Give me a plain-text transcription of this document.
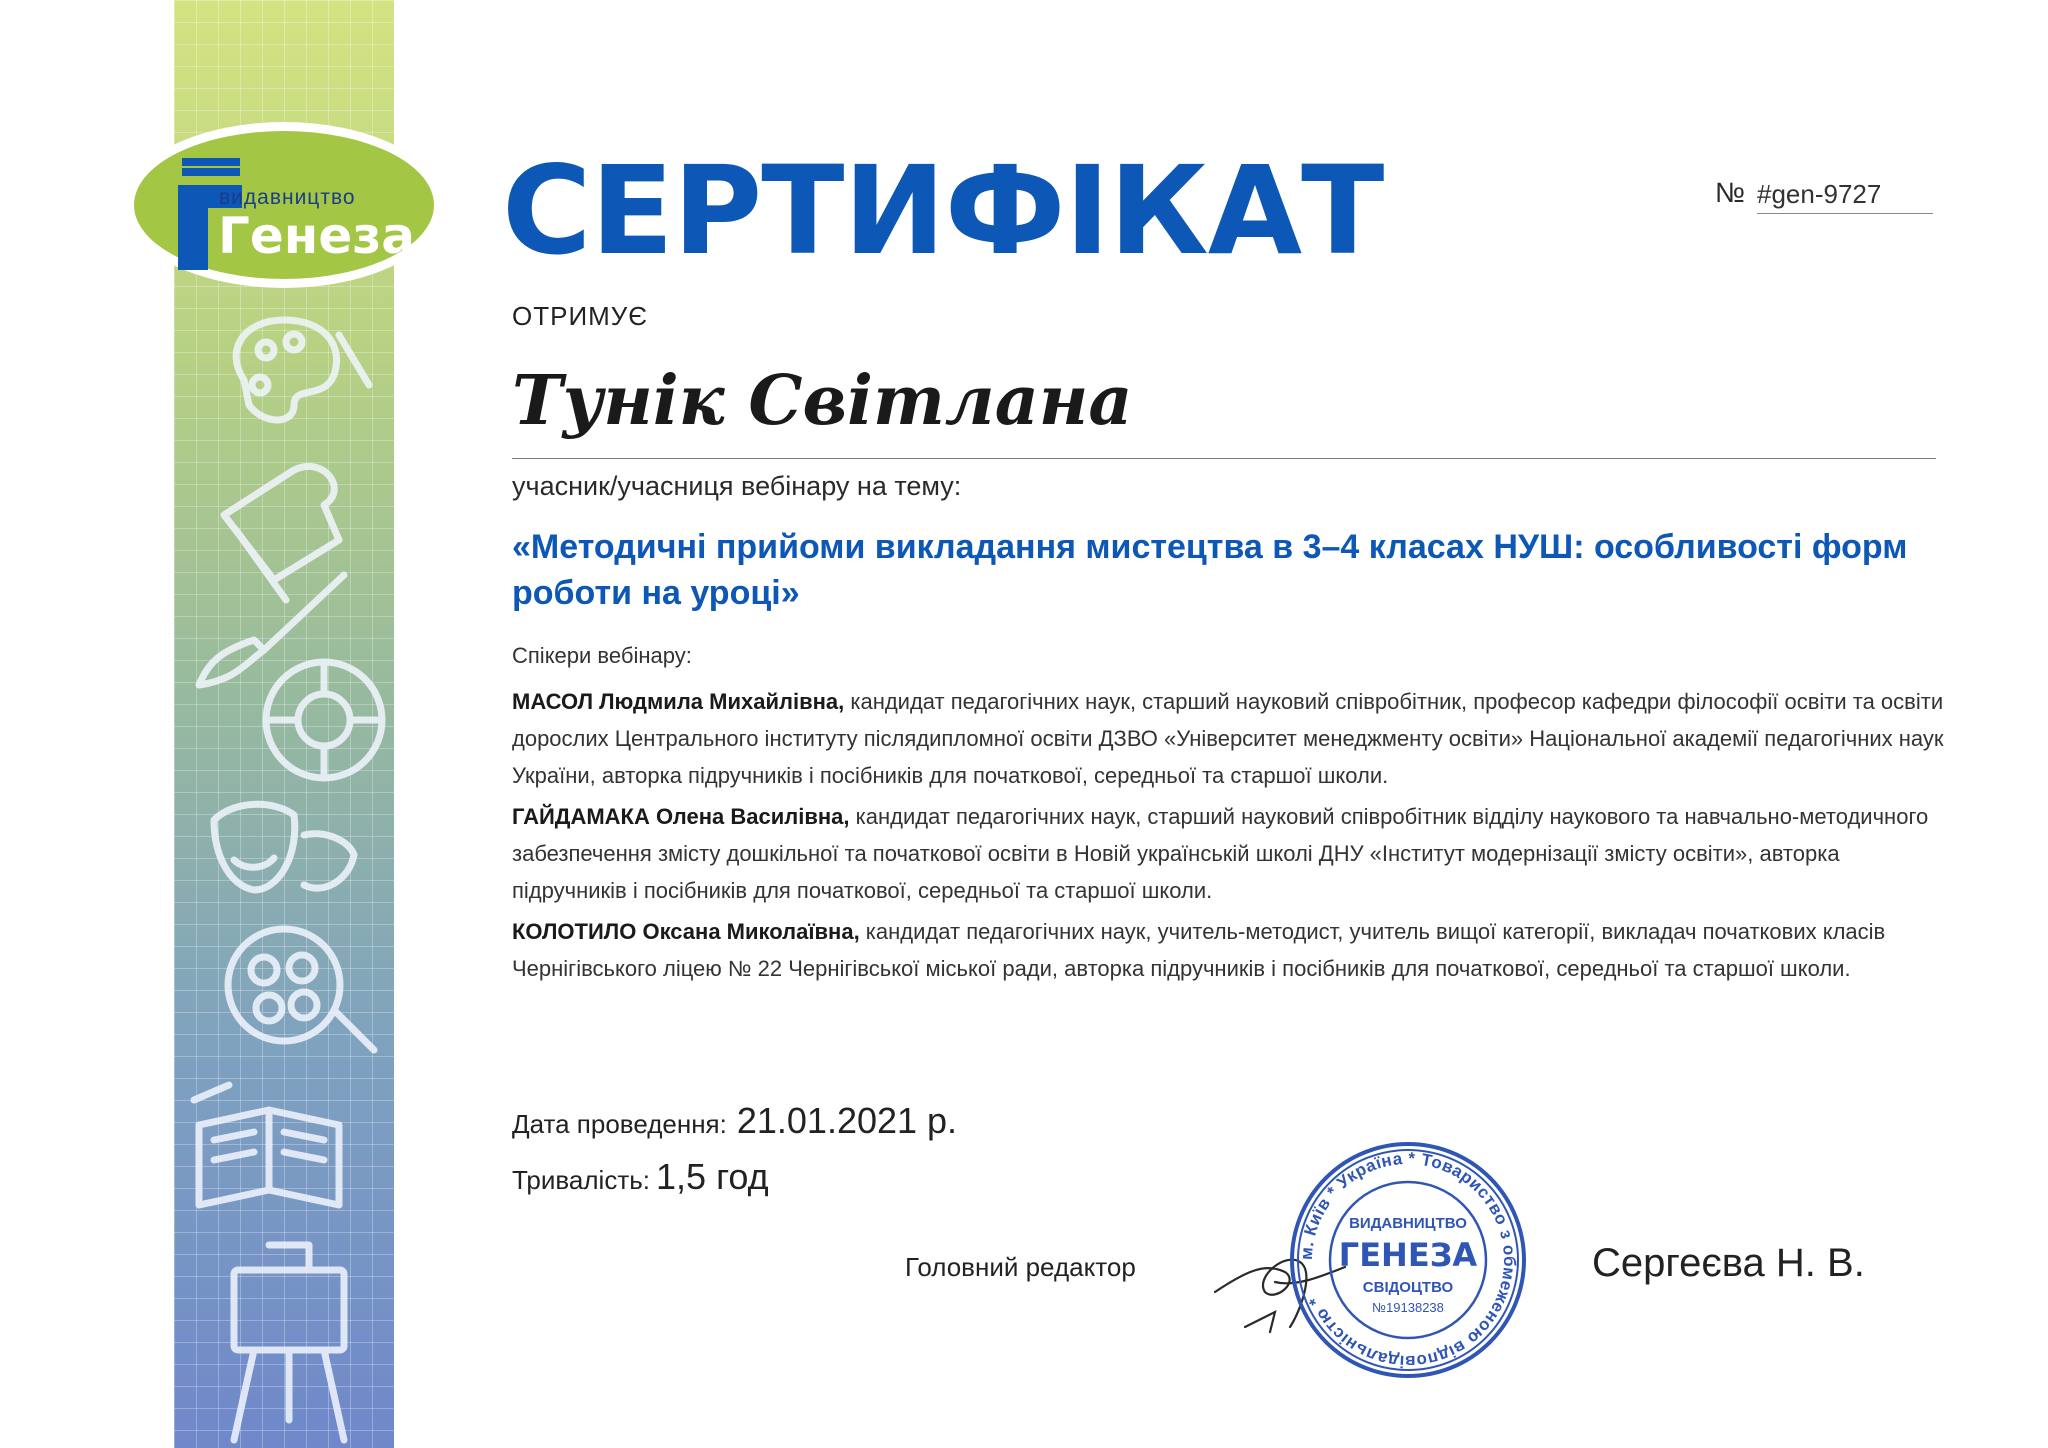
видавництво
Генеза СЕРТИФІКАТ	№ #gen-9727
ОТРИМУЄ
Тунік Світлана
учасник/учасниця вебінару на тему:
«Методичні прийоми викладання мистецтва в 3–4 класах НУШ: особливості форм роботи на уроці»
Спікери вебінару:
МАСОЛ Людмила Михайлівна, кандидат педагогічних наук, старший науковий співробітник, професор кафедри філософії освіти та освіти дорослих Центрального інституту післядипломної освіти ДЗВО «Університет менеджменту освіти» Національної академії педагогічних наук України, авторка підручників і посібників для початкової, середньої та старшої школи.
ГАЙДАМАКА Олена Василівна, кандидат педагогічних наук, старший науковий співробітник відділу наукового та навчально-методичного забезпечення змісту дошкільної та початкової освіти в Новій українській школі ДНУ «Інститут модернізації змісту освіти», авторка підручників і посібників для початкової, середньої та старшої школи.
КОЛОТИЛО Оксана Миколаївна, кандидат педагогічних наук, учитель-методист, учитель вищої категорії, викладач початкових класів Чернігівського ліцею № 22 Чернігівської міської ради, авторка підручників і посібників для початкової, середньої та старшої школи.
Дата проведення: 21.01.2021 р.
Тривалість: 1,5 год
Головний редактор	м. Київ * Україна * Товариство з обмеженою відповідальністю *
ВИДАВНИЦТВО
ГЕНЕЗА
СВІДОЦТВО
№19138238
Сергеєва Н. В.
